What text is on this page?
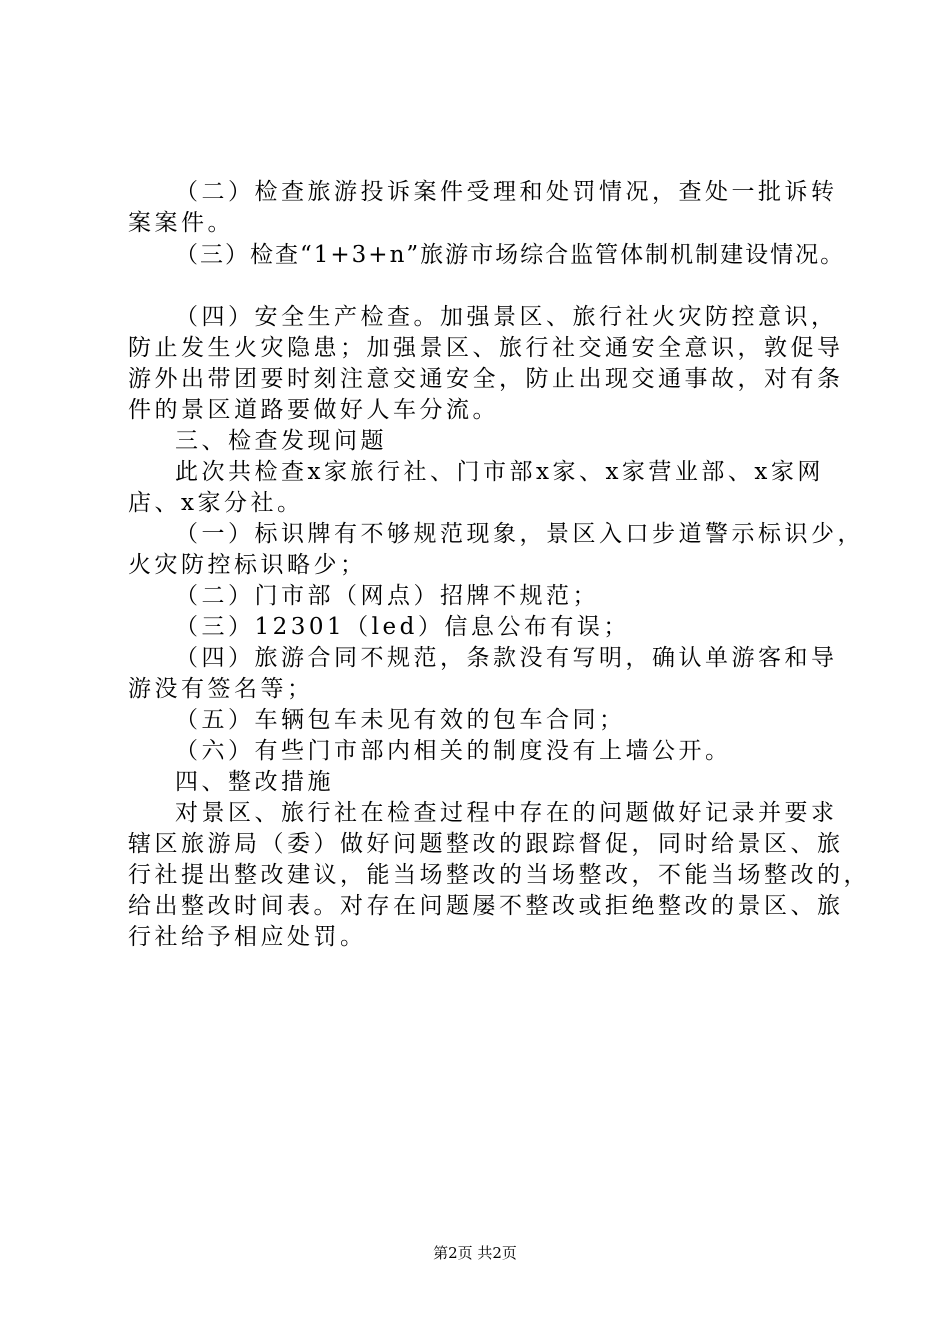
（二）检查旅游投诉案件受理和处罚情况，查处一批诉转

案案件。

（三）检查“1+3+n”旅游市场综合监管体制机制建设情况。

（四）安全生产检查。加强景区、旅行社火灾防控意识，

防止发生火灾隐患；加强景区、旅行社交通安全意识，敦促导

游外出带团要时刻注意交通安全，防止出现交通事故，对有条

件的景区道路要做好人车分流。

三、检查发现问题

此次共检查x家旅行社、门市部x家、x家营业部、x家网

店、x家分社。

（一）标识牌有不够规范现象，景区入口步道警示标识少，

火灾防控标识略少；

（二）门市部（网点）招牌不规范；

（三）12301（led）信息公布有误；

（四）旅游合同不规范，条款没有写明，确认单游客和导

游没有签名等；

（五）车辆包车未见有效的包车合同；

（六）有些门市部内相关的制度没有上墙公开。

四、整改措施

对景区、旅行社在检查过程中存在的问题做好记录并要求

辖区旅游局（委）做好问题整改的跟踪督促，同时给景区、旅

行社提出整改建议，能当场整改的当场整改，不能当场整改的，

给出整改时间表。对存在问题屡不整改或拒绝整改的景区、旅

行社给予相应处罚。

第2页 共2页
